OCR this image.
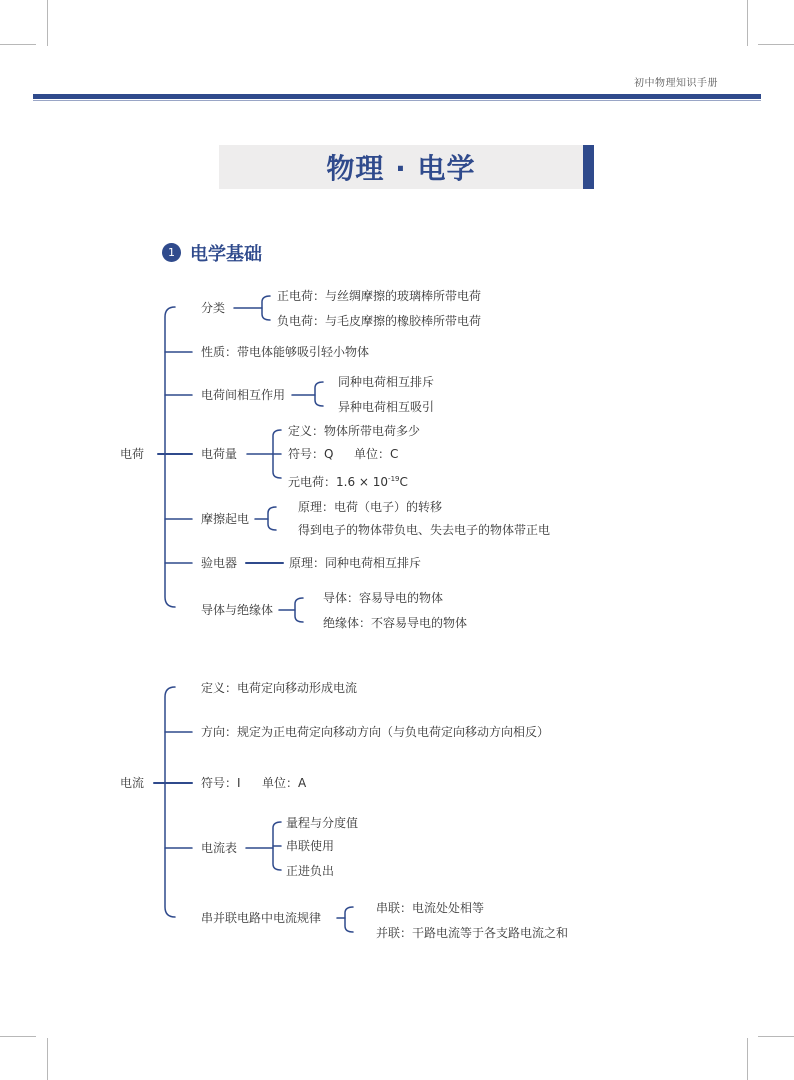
初中物理知识手册
物理 · 电学
1 电学基础
电荷
分类
正电荷：与丝绸摩擦的玻璃棒所带电荷
负电荷：与毛皮摩擦的橡胶棒所带电荷
性质：带电体能够吸引轻小物体
电荷间相互作用
同种电荷相互排斥
异种电荷相互吸引
电荷量
定义：物体所带电荷多少
符号：Q 单位：C
元电荷：$1.6 \times 10^{-19}C$
摩擦起电
原理：电荷（电子）的转移
得到电子的物体带负电、失去电子的物体带正电
验电器	原理：同种电荷相互排斥
导体与绝缘体
导体：容易导电的物体
绝缘体：不容易导电的物体
电流
定义：电荷定向移动形成电流
方向：规定为正电荷定向移动方向（与负电荷定向移动方向相反）
符号：I 单位：A
电流表
量程与分度值
串联使用
正进负出
串并联电路中电流规律
串联：电流处处相等
并联：干路电流等于各支路电流之和
